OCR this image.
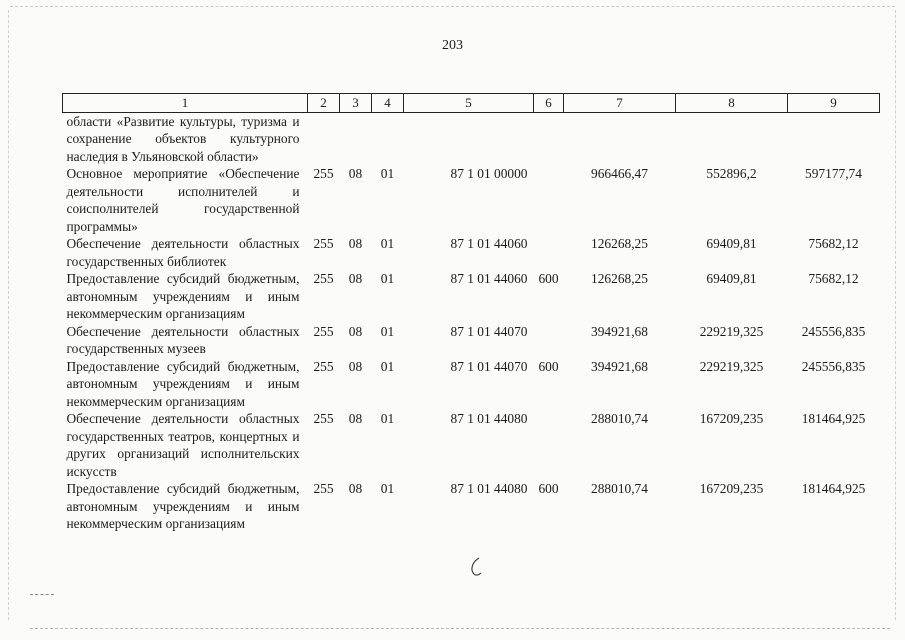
203
1	2	3	4	5	6	7	8	9
области «Развитие культуры, туризма и сохранение объектов культурного наследия в Ульяновской области»								
Основное мероприятие «Обеспечение деятельности исполнителей и соисполнителей государственной программы»	255	08	01	87 1 01 00000		966466,47	552896,2	597177,74
Обеспечение деятельности областных государственных библиотек	255	08	01	87 1 01 44060		126268,25	69409,81	75682,12
Предоставление субсидий бюджетным, автономным учреждениям и иным некоммерческим организациям	255	08	01	87 1 01 44060	600	126268,25	69409,81	75682,12
Обеспечение деятельности областных государственных музеев	255	08	01	87 1 01 44070		394921,68	229219,325	245556,835
Предоставление субсидий бюджетным, автономным учреждениям и иным некоммерческим организациям	255	08	01	87 1 01 44070	600	394921,68	229219,325	245556,835
Обеспечение деятельности областных государственных театров, концертных и других организаций исполнительских искусств	255	08	01	87 1 01 44080		288010,74	167209,235	181464,925
Предоставление субсидий бюджетным, автономным учреждениям и иным некоммерческим организациям	255	08	01	87 1 01 44080	600	288010,74	167209,235	181464,925
